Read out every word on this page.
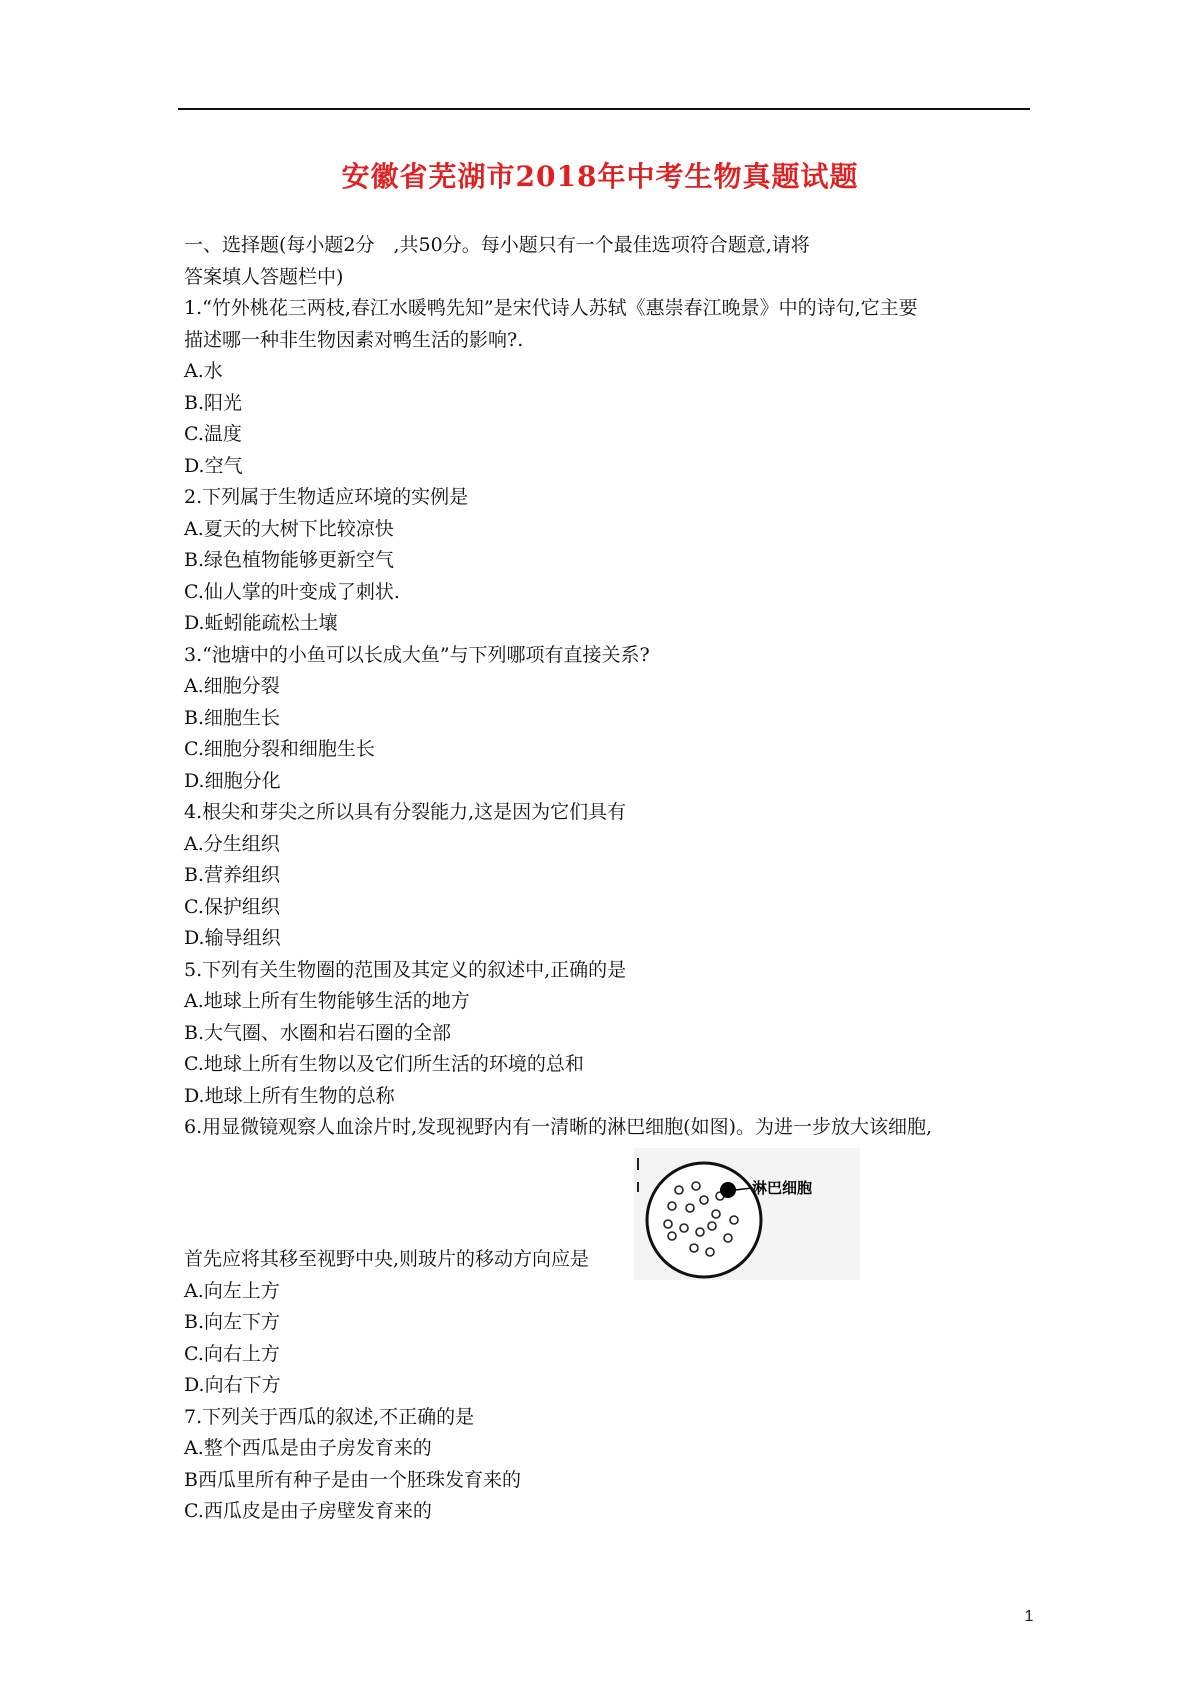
安徽省芜湖市2018年中考生物真题试题
一、选择题(每小题2分　,共50分。每小题只有一个最佳选项符合题意,请将
答案填人答题栏中)
1.“竹外桃花三两枝,春江水暖鸭先知”是宋代诗人苏轼《惠崇春江晚景》中的诗句,它主要
描述哪一种非生物因素对鸭生活的影响?.
A.水
B.阳光
C.温度
D.空气
2.下列属于生物适应环境的实例是
A.夏天的大树下比较凉快
B.绿色植物能够更新空气
C.仙人掌的叶变成了刺状.
D.蚯蚓能疏松土壤
3.“池塘中的小鱼可以长成大鱼”与下列哪项有直接关系?
A.细胞分裂
B.细胞生长
C.细胞分裂和细胞生长
D.细胞分化
4.根尖和芽尖之所以具有分裂能力,这是因为它们具有
A.分生组织
B.营养组织
C.保护组织
D.输导组织
5.下列有关生物圈的范围及其定义的叙述中,正确的是
A.地球上所有生物能够生活的地方
B.大气圈、水圈和岩石圈的全部
C.地球上所有生物以及它们所生活的环境的总和
D.地球上所有生物的总称
6.用显微镜观察人血涂片时,发现视野内有一清晰的淋巴细胞(如图)。为进一步放大该细胞,
淋巴细胞
首先应将其移至视野中央,则玻片的移动方向应是
A.向左上方
B.向左下方
C.向右上方
D.向右下方
7.下列关于西瓜的叙述,不正确的是
A.整个西瓜是由子房发育来的
B西瓜里所有种子是由一个胚珠发育来的
C.西瓜皮是由子房壁发育来的
1
